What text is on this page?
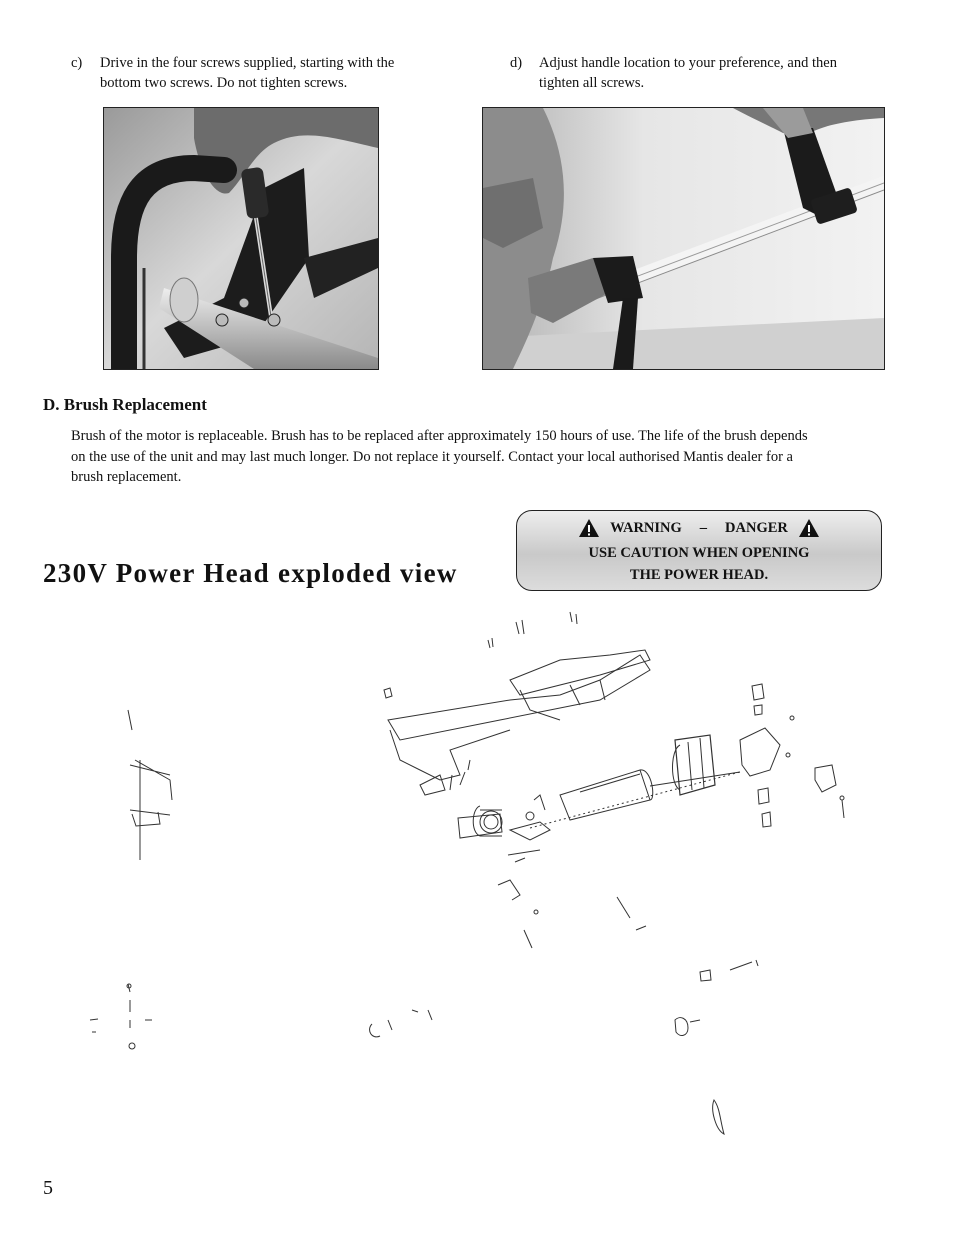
c) Drive in the four screws supplied, starting with the
bottom two screws. Do not tighten screws.
d) Adjust handle location to your preference, and then
tighten all screws.
D. Brush Replacement
Brush of the motor is replaceable. Brush has to be replaced after approximately 150 hours of use. The life of the brush depends
on the use of the unit and may last much longer. Do not replace it yourself. Contact your local authorised Mantis dealer for a
brush replacement.
230V Power Head exploded view
WARNING	–	DANGER
USE CAUTION WHEN OPENING
THE POWER HEAD.
5
